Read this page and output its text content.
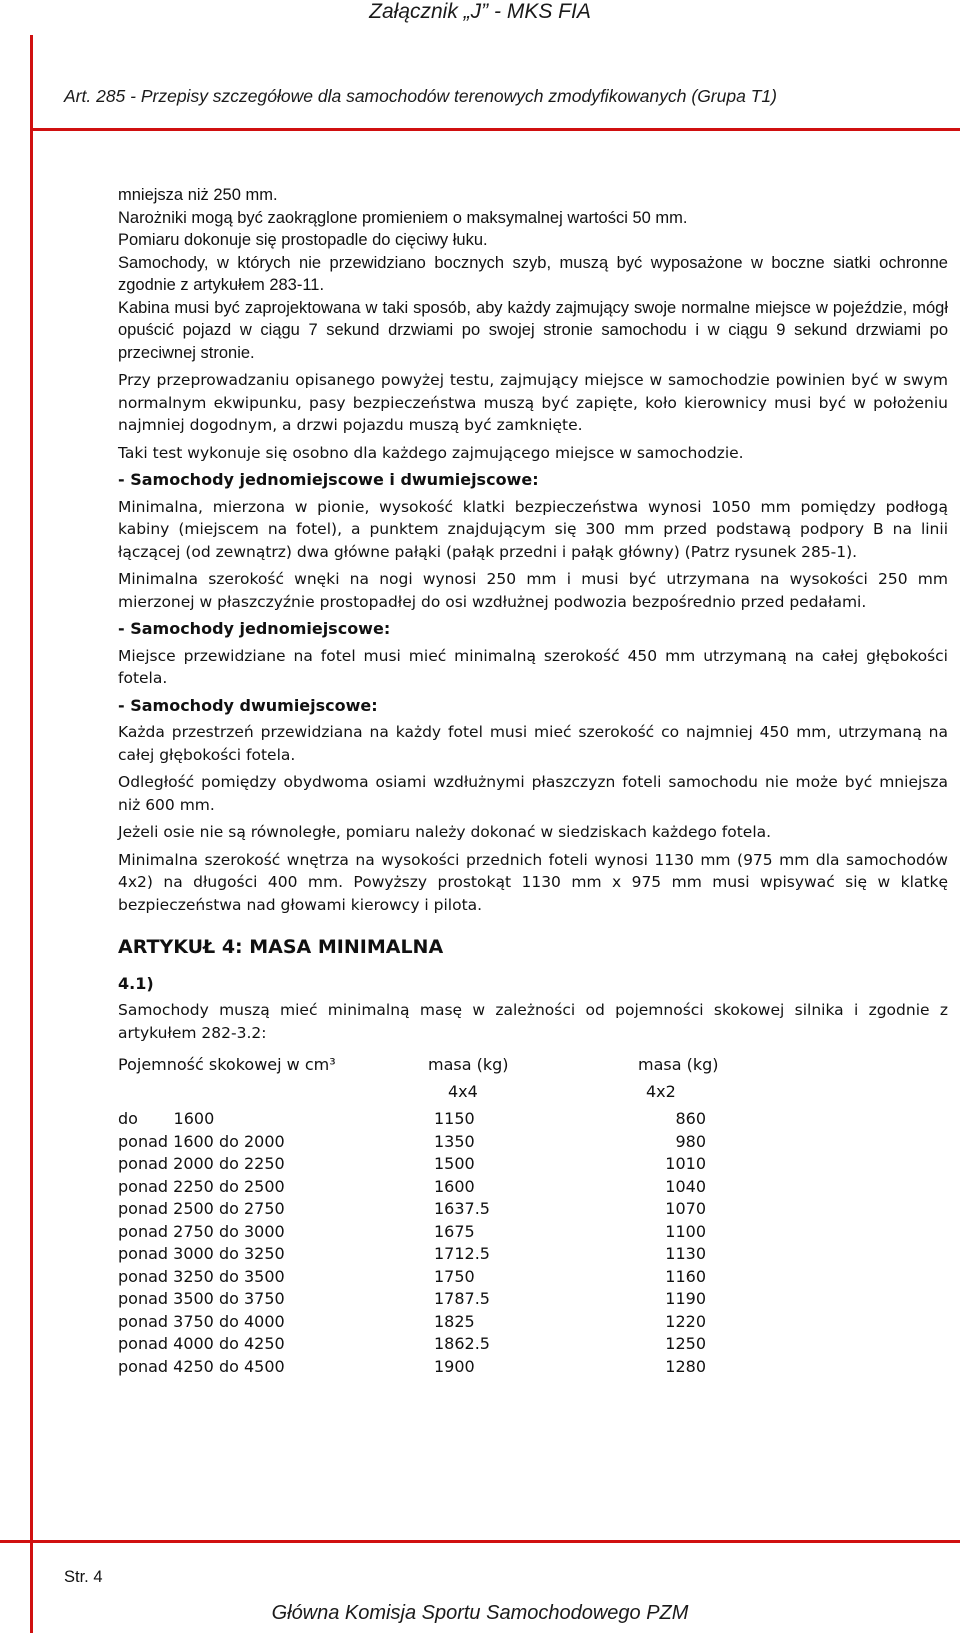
Załącznik „J” - MKS FIA
Art. 285 - Przepisy szczegółowe dla samochodów terenowych zmodyfikowanych (Grupa T1)

mniejsza niż 250 mm.

Narożniki mogą być zaokrąglone promieniem o maksymalnej wartości 50 mm.

Pomiaru dokonuje się prostopadle do cięciwy łuku.

Samochody, w których nie przewidziano bocznych szyb, muszą być wyposażone w boczne siatki ochronne zgodnie z artykułem 283-11.

Kabina musi być zaprojektowana w taki sposób, aby każdy zajmujący swoje normalne miejsce w pojeździe, mógł opuścić pojazd w ciągu 7 sekund drzwiami po swojej stronie samochodu i w ciągu 9 sekund drzwiami po przeciwnej stronie.

Przy przeprowadzaniu opisanego powyżej testu, zajmujący miejsce w samochodzie powinien być w swym normalnym ekwipunku, pasy bezpieczeństwa muszą być zapięte, koło kierownicy musi być w położeniu najmniej dogodnym, a drzwi pojazdu muszą być zamknięte.

Taki test wykonuje się osobno dla każdego zajmującego miejsce w samochodzie.

- Samochody jednomiejscowe i dwumiejscowe:

Minimalna, mierzona w pionie, wysokość klatki bezpieczeństwa wynosi 1050 mm pomiędzy podłogą kabiny (miejscem na fotel), a punktem znajdującym się 300 mm przed podstawą podpory B na linii łączącej (od zewnątrz) dwa główne pałąki (pałąk przedni i pałąk główny) (Patrz rysunek 285-1).

Minimalna szerokość wnęki na nogi wynosi 250 mm i musi być utrzymana na wysokości 250 mm mierzonej w płaszczyźnie prostopadłej do osi wzdłużnej podwozia bezpośrednio przed pedałami.

- Samochody jednomiejscowe:

Miejsce przewidziane na fotel musi mieć minimalną szerokość 450 mm utrzymaną na całej głębokości fotela.

- Samochody dwumiejscowe:

Każda przestrzeń przewidziana na każdy fotel musi mieć szerokość co najmniej 450 mm, utrzymaną na całej głębokości fotela.

Odległość pomiędzy obydwoma osiami wzdłużnymi płaszczyzn foteli samochodu nie może być mniejsza niż 600 mm.

Jeżeli osie nie są równoległe, pomiaru należy dokonać w siedziskach każdego fotela.

Minimalna szerokość wnętrza na wysokości przednich foteli wynosi 1130 mm (975 mm dla samochodów 4x2) na długości 400 mm. Powyższy prostokąt 1130 mm x 975 mm musi wpisywać się w klatkę bezpieczeństwa nad głowami kierowcy i pilota.

ARTYKUŁ 4: MASA MINIMALNA

4.1)

Samochody muszą mieć minimalną masę w zależności od pojemności skokowej silnika i zgodnie z artykułem 282-3.2:

Pojemność skokowej w cm³	masa (kg)	masa (kg)
4x4	4x2
do       1600	1150	860
ponad 1600 do 2000	1350	980
ponad 2000 do 2250	1500	1010
ponad 2250 do 2500	1600	1040
ponad 2500 do 2750	1637.5	1070
ponad 2750 do 3000	1675	1100
ponad 3000 do 3250	1712.5	1130
ponad 3250 do 3500	1750	1160
ponad 3500 do 3750	1787.5	1190
ponad 3750 do 4000	1825	1220
ponad 4000 do 4250	1862.5	1250
ponad 4250 do 4500	1900	1280
Str. 4
Główna Komisja Sportu Samochodowego PZM
